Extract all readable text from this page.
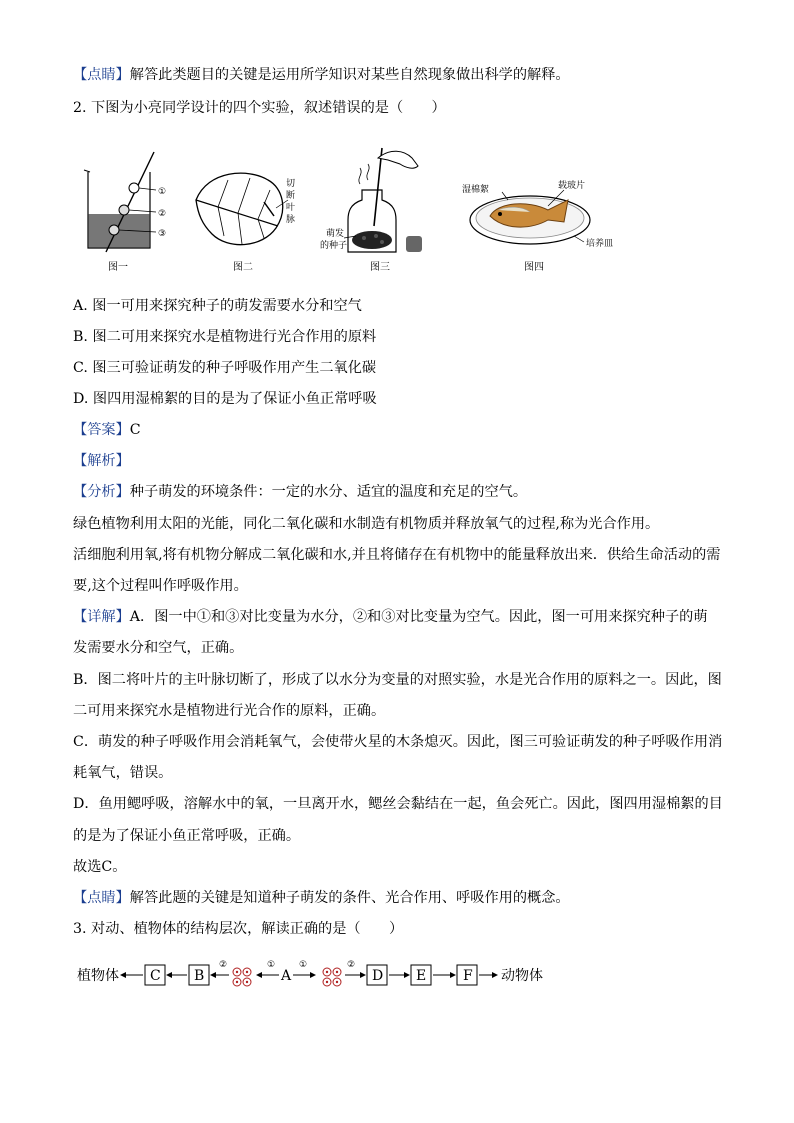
【点睛】解答此类题目的关键是运用所学知识对某些自然现象做出科学的解释。
2. 下图为小亮同学设计的四个实验，叙述错误的是（　　）
①
②
③
图一
切
断
叶
脉
图二
萌发
的种子
图三
湿棉絮	载玻片
培养皿
图四
A. 图一可用来探究种子的萌发需要水分和空气
B. 图二可用来探究水是植物进行光合作用的原料
C. 图三可验证萌发的种子呼吸作用产生二氧化碳
D. 图四用湿棉絮的目的是为了保证小鱼正常呼吸
【答案】C
【解析】
【分析】种子萌发的环境条件：一定的水分、适宜的温度和充足的空气。
绿色植物利用太阳的光能，同化二氧化碳和水制造有机物质并释放氧气的过程,称为光合作用。
活细胞利用氧,将有机物分解成二氧化碳和水,并且将储存在有机物中的能量释放出来．供给生命活动的需
要,这个过程叫作呼吸作用。
【详解】A．图一中①和③对比变量为水分，②和③对比变量为空气。因此，图一可用来探究种子的萌
发需要水分和空气，正确。
B．图二将叶片的主叶脉切断了，形成了以水分为变量的对照实验，水是光合作用的原料之一。因此，图
二可用来探究水是植物进行光合作的原料，正确。
C．萌发的种子呼吸作用会消耗氧气，会使带火星的木条熄灭。因此，图三可验证萌发的种子呼吸作用消
耗氧气，错误。
D．鱼用鳃呼吸，溶解水中的氧，一旦离开水，鳃丝会黏结在一起，鱼会死亡。因此，图四用湿棉絮的目
的是为了保证小鱼正常呼吸，正确。
故选C。
【点睛】解答此题的关键是知道种子萌发的条件、光合作用、呼吸作用的概念。
3. 对动、植物体的结构层次，解读正确的是（　　）
植物体 C B
②	①
A
①	②
D E	F 动物体
